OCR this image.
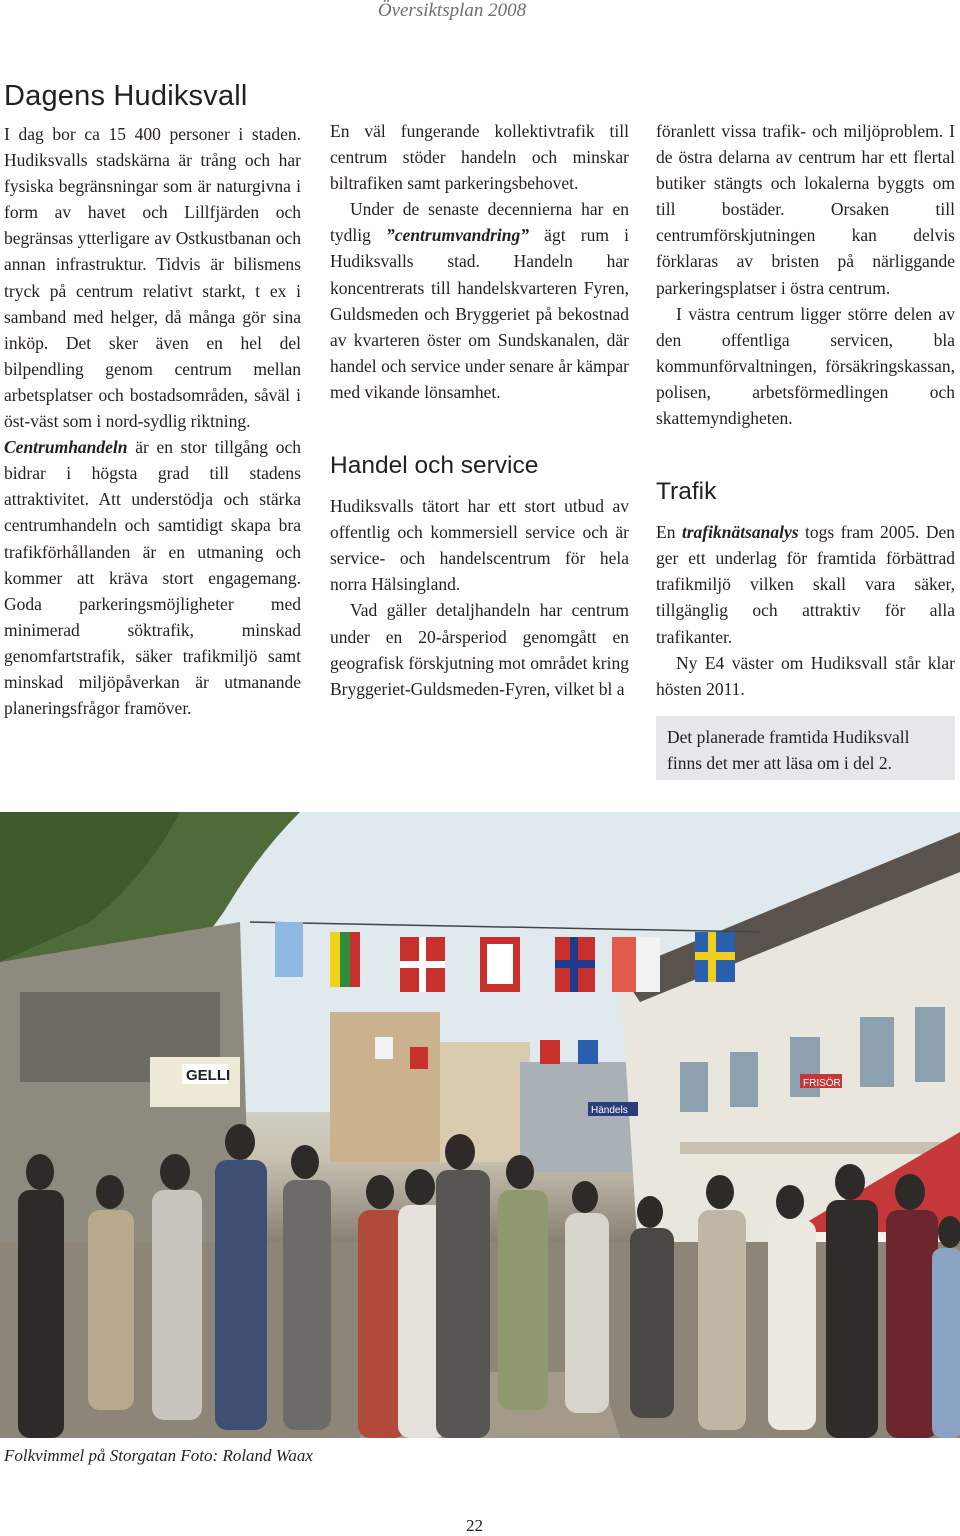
Översiktsplan 2008
Dagens Hudiksvall

I dag bor ca 15 400 personer i staden. Hudiksvalls stadskärna är trång och har fysiska begränsningar som är naturgivna i form av havet och Lillfjärden och begränsas ytterligare av Ostkustbanan och annan infrastruktur. Tidvis är bilismens tryck på centrum relativt starkt, t ex i samband med helger, då många gör sina inköp. Det sker även en hel del bilpendling genom centrum mellan arbetsplatser och bostadsområden, såväl i öst-väst som i nord-sydlig riktning.

Centrumhandeln är en stor tillgång och bidrar i högsta grad till stadens attraktivitet. Att understödja och stärka centrumhandeln och samtidigt skapa bra trafikförhållanden är en utmaning och kommer att kräva stort engagemang. Goda parkeringsmöjligheter med minimerad söktrafik, minskad genomfartstrafik, säker trafikmiljö samt minskad miljöpåverkan är utmanande planeringsfrågor framöver.

En väl fungerande kollektivtrafik till centrum stöder handeln och minskar biltrafiken samt parkeringsbehovet.

Under de senaste decennierna har en tydlig ”centrumvandring” ägt rum i Hudiksvalls stad. Handeln har koncentrerats till handelskvarteren Fyren, Guldsmeden och Bryggeriet på bekostnad av kvarteren öster om Sundskanalen, där handel och service under senare år kämpar med vikande lönsamhet.

Handel och service

Hudiksvalls tätort har ett stort utbud av offentlig och kommersiell service och är service- och handelscentrum för hela norra Hälsingland.

Vad gäller detaljhandeln har centrum under en 20-årsperiod genomgått en geografisk förskjutning mot området kring Bryggeriet-Guldsmeden-Fyren, vilket bl a

föranlett vissa trafik- och miljöproblem. I de östra delarna av centrum har ett flertal butiker stängts och lokalerna byggts om till bostäder. Orsaken till centrumförskjutningen kan delvis förklaras av bristen på närliggande parkeringsplatser i östra centrum.

I västra centrum ligger större delen av den offentliga servicen, bla kommunförvaltningen, försäkringskassan, polisen, arbetsförmedlingen och skattemyndigheten.

Trafik

En trafiknätsanalys togs fram 2005. Den ger ett underlag för framtida förbättrad trafikmiljö vilken skall vara säker, tillgänglig och attraktiv för alla trafikanter.

Ny E4 väster om Hudiksvall står klar hösten 2011.

Det planerade framtida Hudiksvall finns det mer att läsa om i del 2.
GELLI	FRISÖR
Händels
Folkvimmel på Storgatan Foto: Roland Waax
22
